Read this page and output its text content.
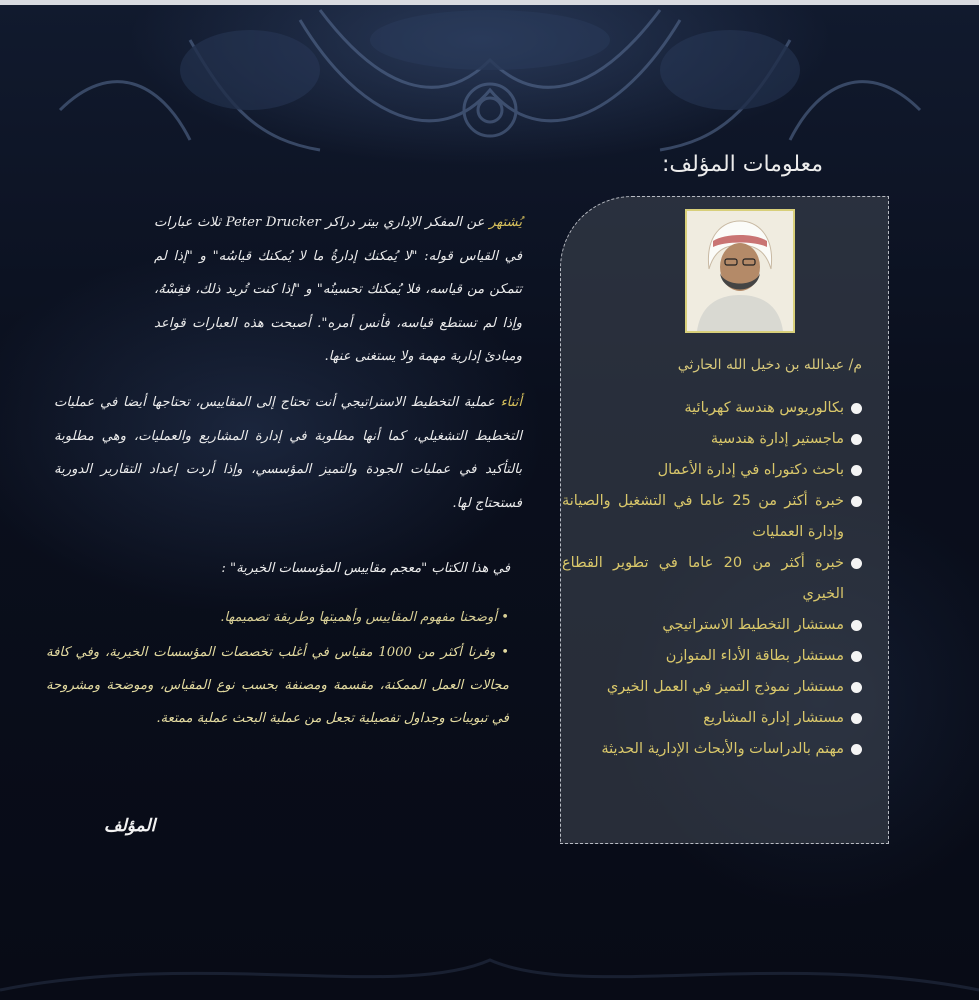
معلومات المؤلف:
م/ عبدالله بن دخيل الله الحارثي
بكالوريوس هندسة كهربائية
ماجستير إدارة هندسية
باحث دكتوراه في إدارة الأعمال
خبرة أكثر من 25 عاما في التشغيل والصيانة وإدارة العمليات
خبرة أكثر من 20 عاما في تطوير القطاع الخيري
مستشار التخطيط الاستراتيجي
مستشار بطاقة الأداء المتوازن
مستشار نموذج التميز في العمل الخيري
مستشار إدارة المشاريع
مهتم بالدراسات والأبحاث الإدارية الحديثة
يُشتهر عن المفكر الإداري بيتر دراكر Peter Drucker ثلاث عبارات في القياس قوله: "لا يُمكنك إدارةُ ما لا يُمكنك قياسُه" و "إذا لم تتمكن من قياسه، فلا يُمكنك تحسينُه" و "إذا كنت تُريد ذلك، فقِسْهُ، وإذا لم تستطع قياسه، فأنس أمره". أصبحت هذه العبارات قواعد ومبادئ إدارية مهمة ولا يستغنى عنها.
أثناء عملية التخطيط الاستراتيجي أنت تحتاج إلى المقاييس، تحتاجها أيضا في عمليات التخطيط التشغيلي، كما أنها مطلوبة في إدارة المشاريع والعمليات، وهي مطلوبة بالتأكيد في عمليات الجودة والتميز المؤسسي، وإذا أردت إعداد التقارير الدورية فستحتاج لها.
في هذا الكتاب "معجم مقاييس المؤسسات الخيرية" :
• أوضحنا مفهوم المقاييس وأهميتها وطريقة تصميمها.
• وفرنا أكثر من 1000 مقياس في أغلب تخصصات المؤسسات الخيرية، وفي كافة مجالات العمل الممكنة، مقسمة ومصنفة بحسب نوع المقياس، وموضحة ومشروحة في تبويبات وجداول تفصيلية تجعل من عملية البحث عملية ممتعة.
المؤلف
